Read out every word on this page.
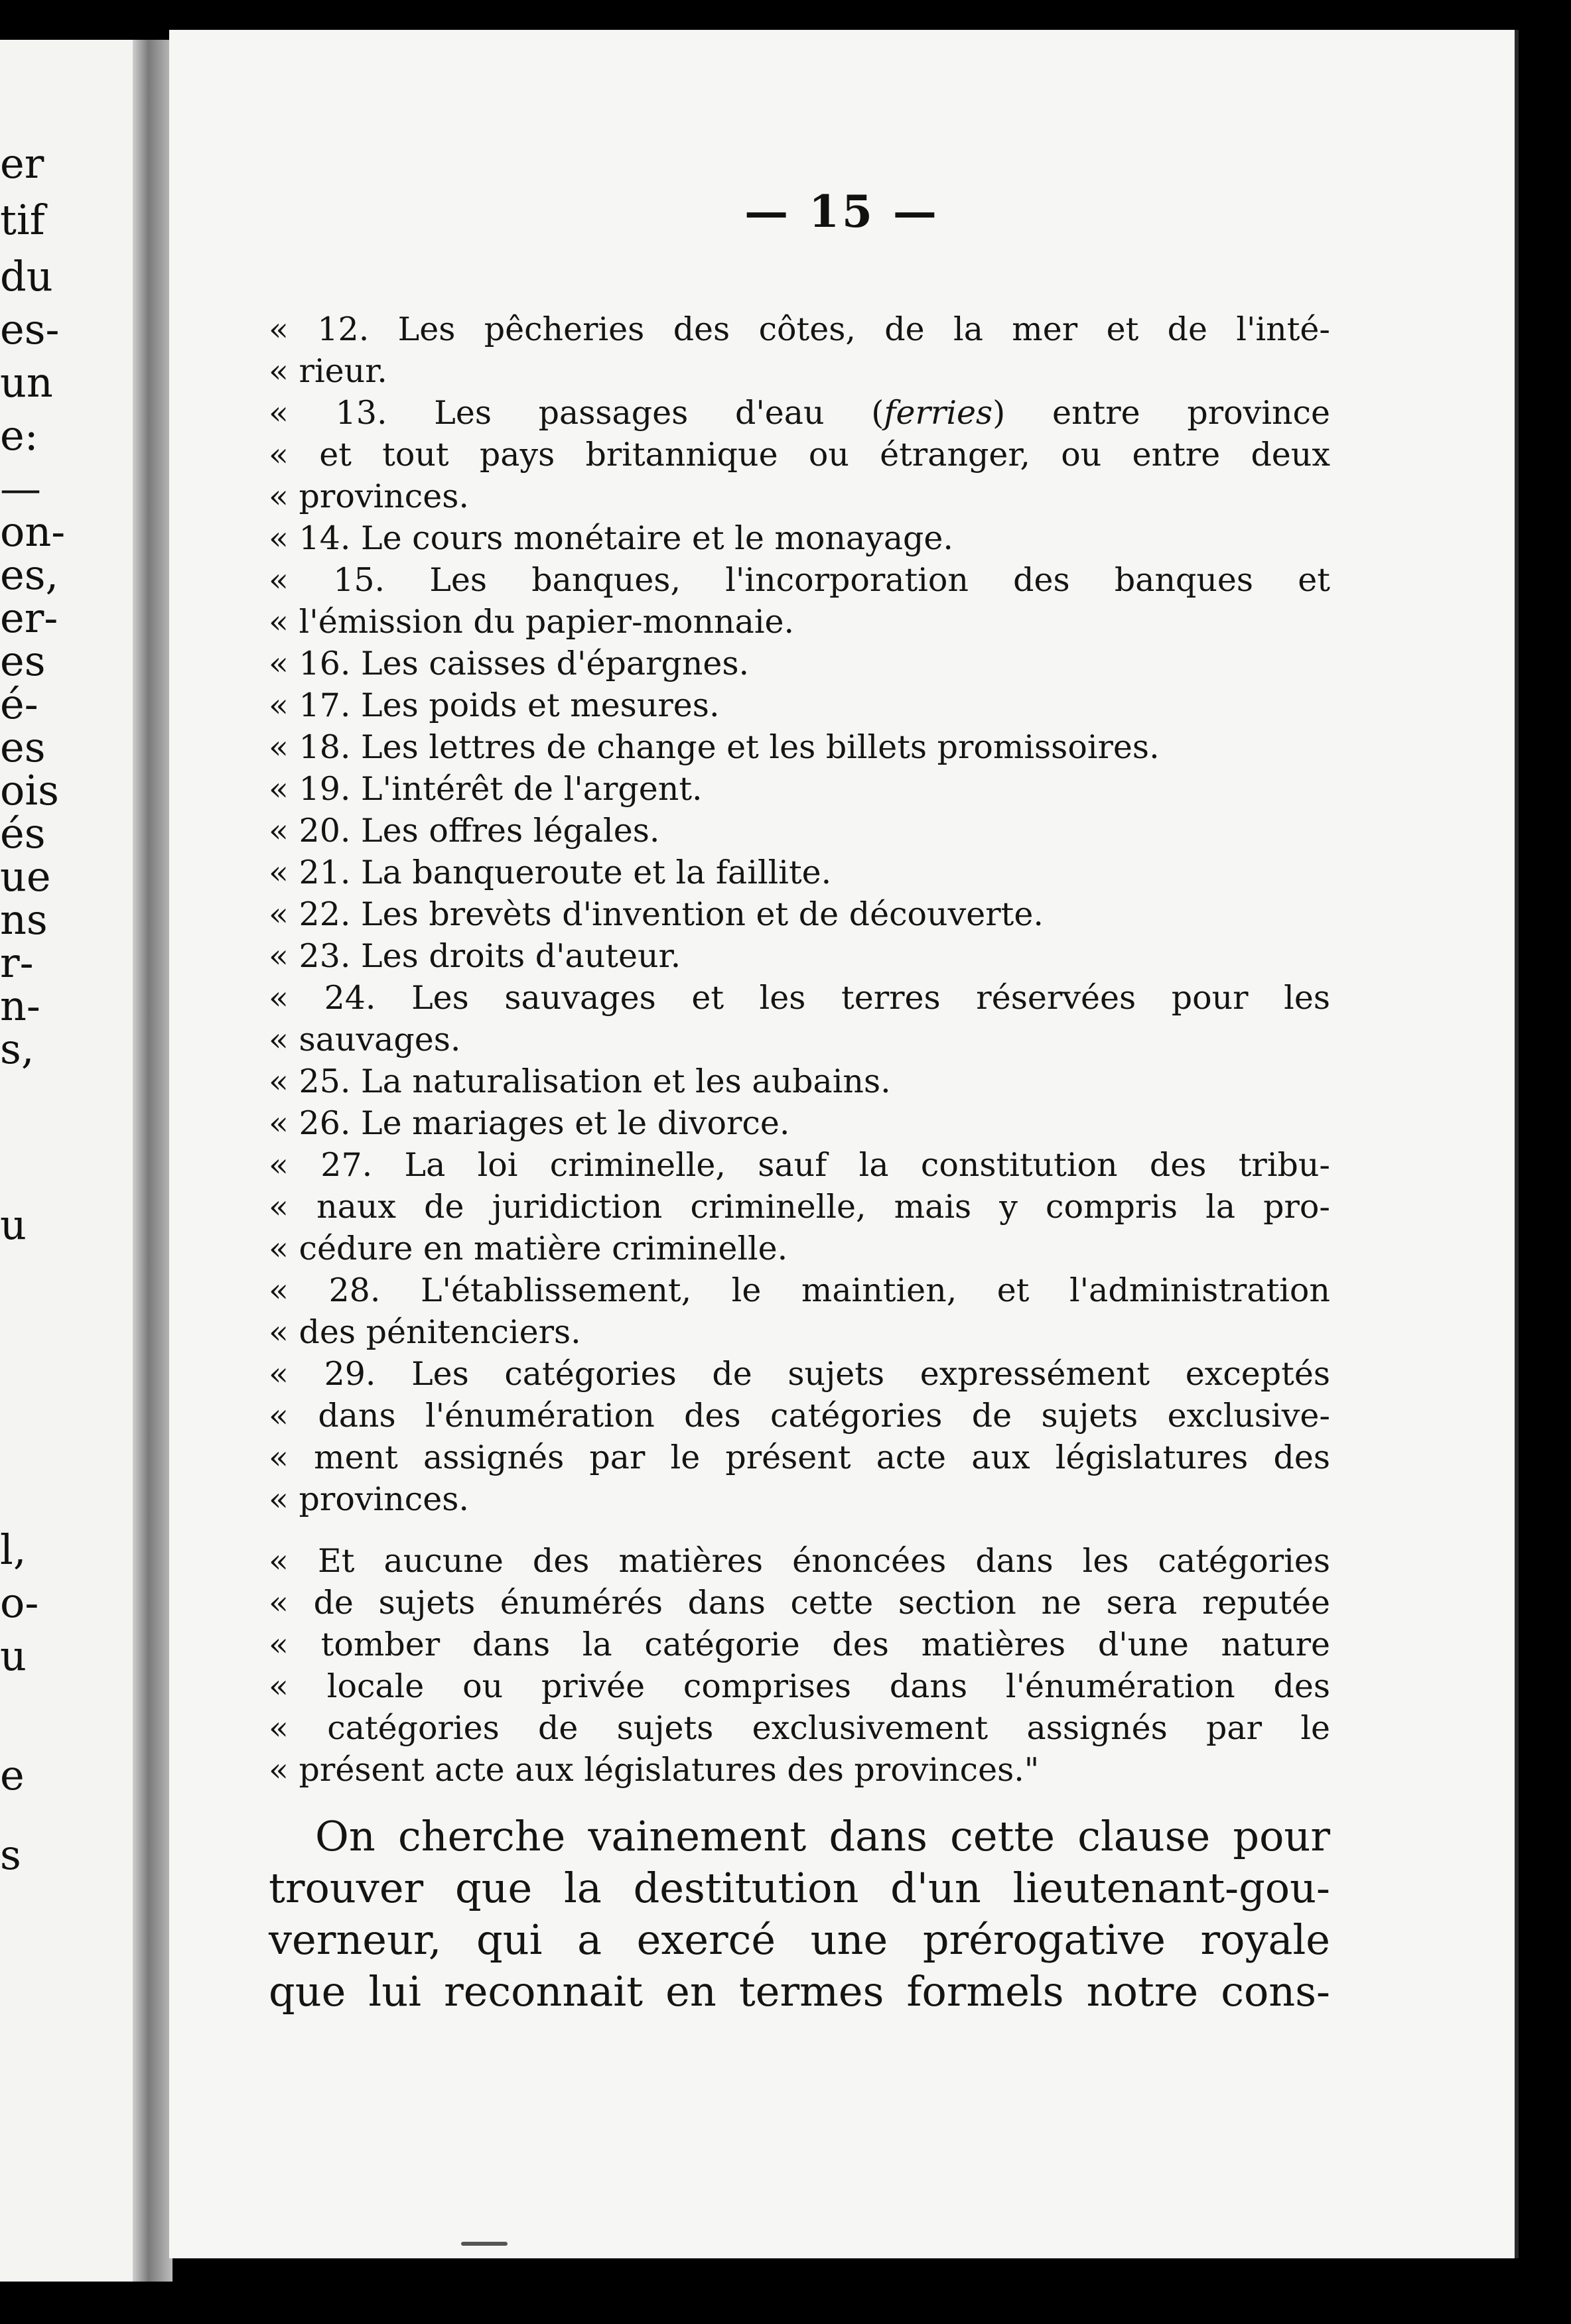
er
tif
du
es-
un
e:
—
on-
es,
er-
es
é-
es
ois
és
ue
ns
r-
n-
s,
u
l,
o-
u
e
s
— 15 —
« 12. Les pêcheries des côtes, de la mer et de l'inté-
« rieur.
« 13. Les passages d'eau (ferries) entre province
« et tout pays britannique ou étranger, ou entre deux
« provinces.
« 14. Le cours monétaire et le monayage.
« 15. Les banques, l'incorporation des banques et
« l'émission du papier-monnaie.
« 16. Les caisses d'épargnes.
« 17. Les poids et mesures.
« 18. Les lettres de change et les billets promissoires.
« 19. L'intérêt de l'argent.
« 20. Les offres légales.
« 21. La banqueroute et la faillite.
« 22. Les brevèts d'invention et de découverte.
« 23. Les droits d'auteur.
« 24. Les sauvages et les terres réservées pour les
« sauvages.
« 25. La naturalisation et les aubains.
« 26. Le mariages et le divorce.
« 27. La loi criminelle, sauf la constitution des tribu-
« naux de juridiction criminelle, mais y compris la pro-
« cédure en matière criminelle.
« 28. L'établissement, le maintien, et l'administration
« des pénitenciers.
« 29. Les catégories de sujets expressément exceptés
« dans l'énumération des catégories de sujets exclusive-
« ment assignés par le présent acte aux législatures des
« provinces.
« Et aucune des matières énoncées dans les catégories
« de sujets énumérés dans cette section ne sera reputée
« tomber dans la catégorie des matières d'une nature
« locale ou privée comprises dans l'énumération des
« catégories de sujets exclusivement assignés par le
« présent acte aux législatures des provinces."
On cherche vainement dans cette clause pour
trouver que la destitution d'un lieutenant-gou-
verneur, qui a exercé une prérogative royale
que lui reconnait en termes formels notre cons-
